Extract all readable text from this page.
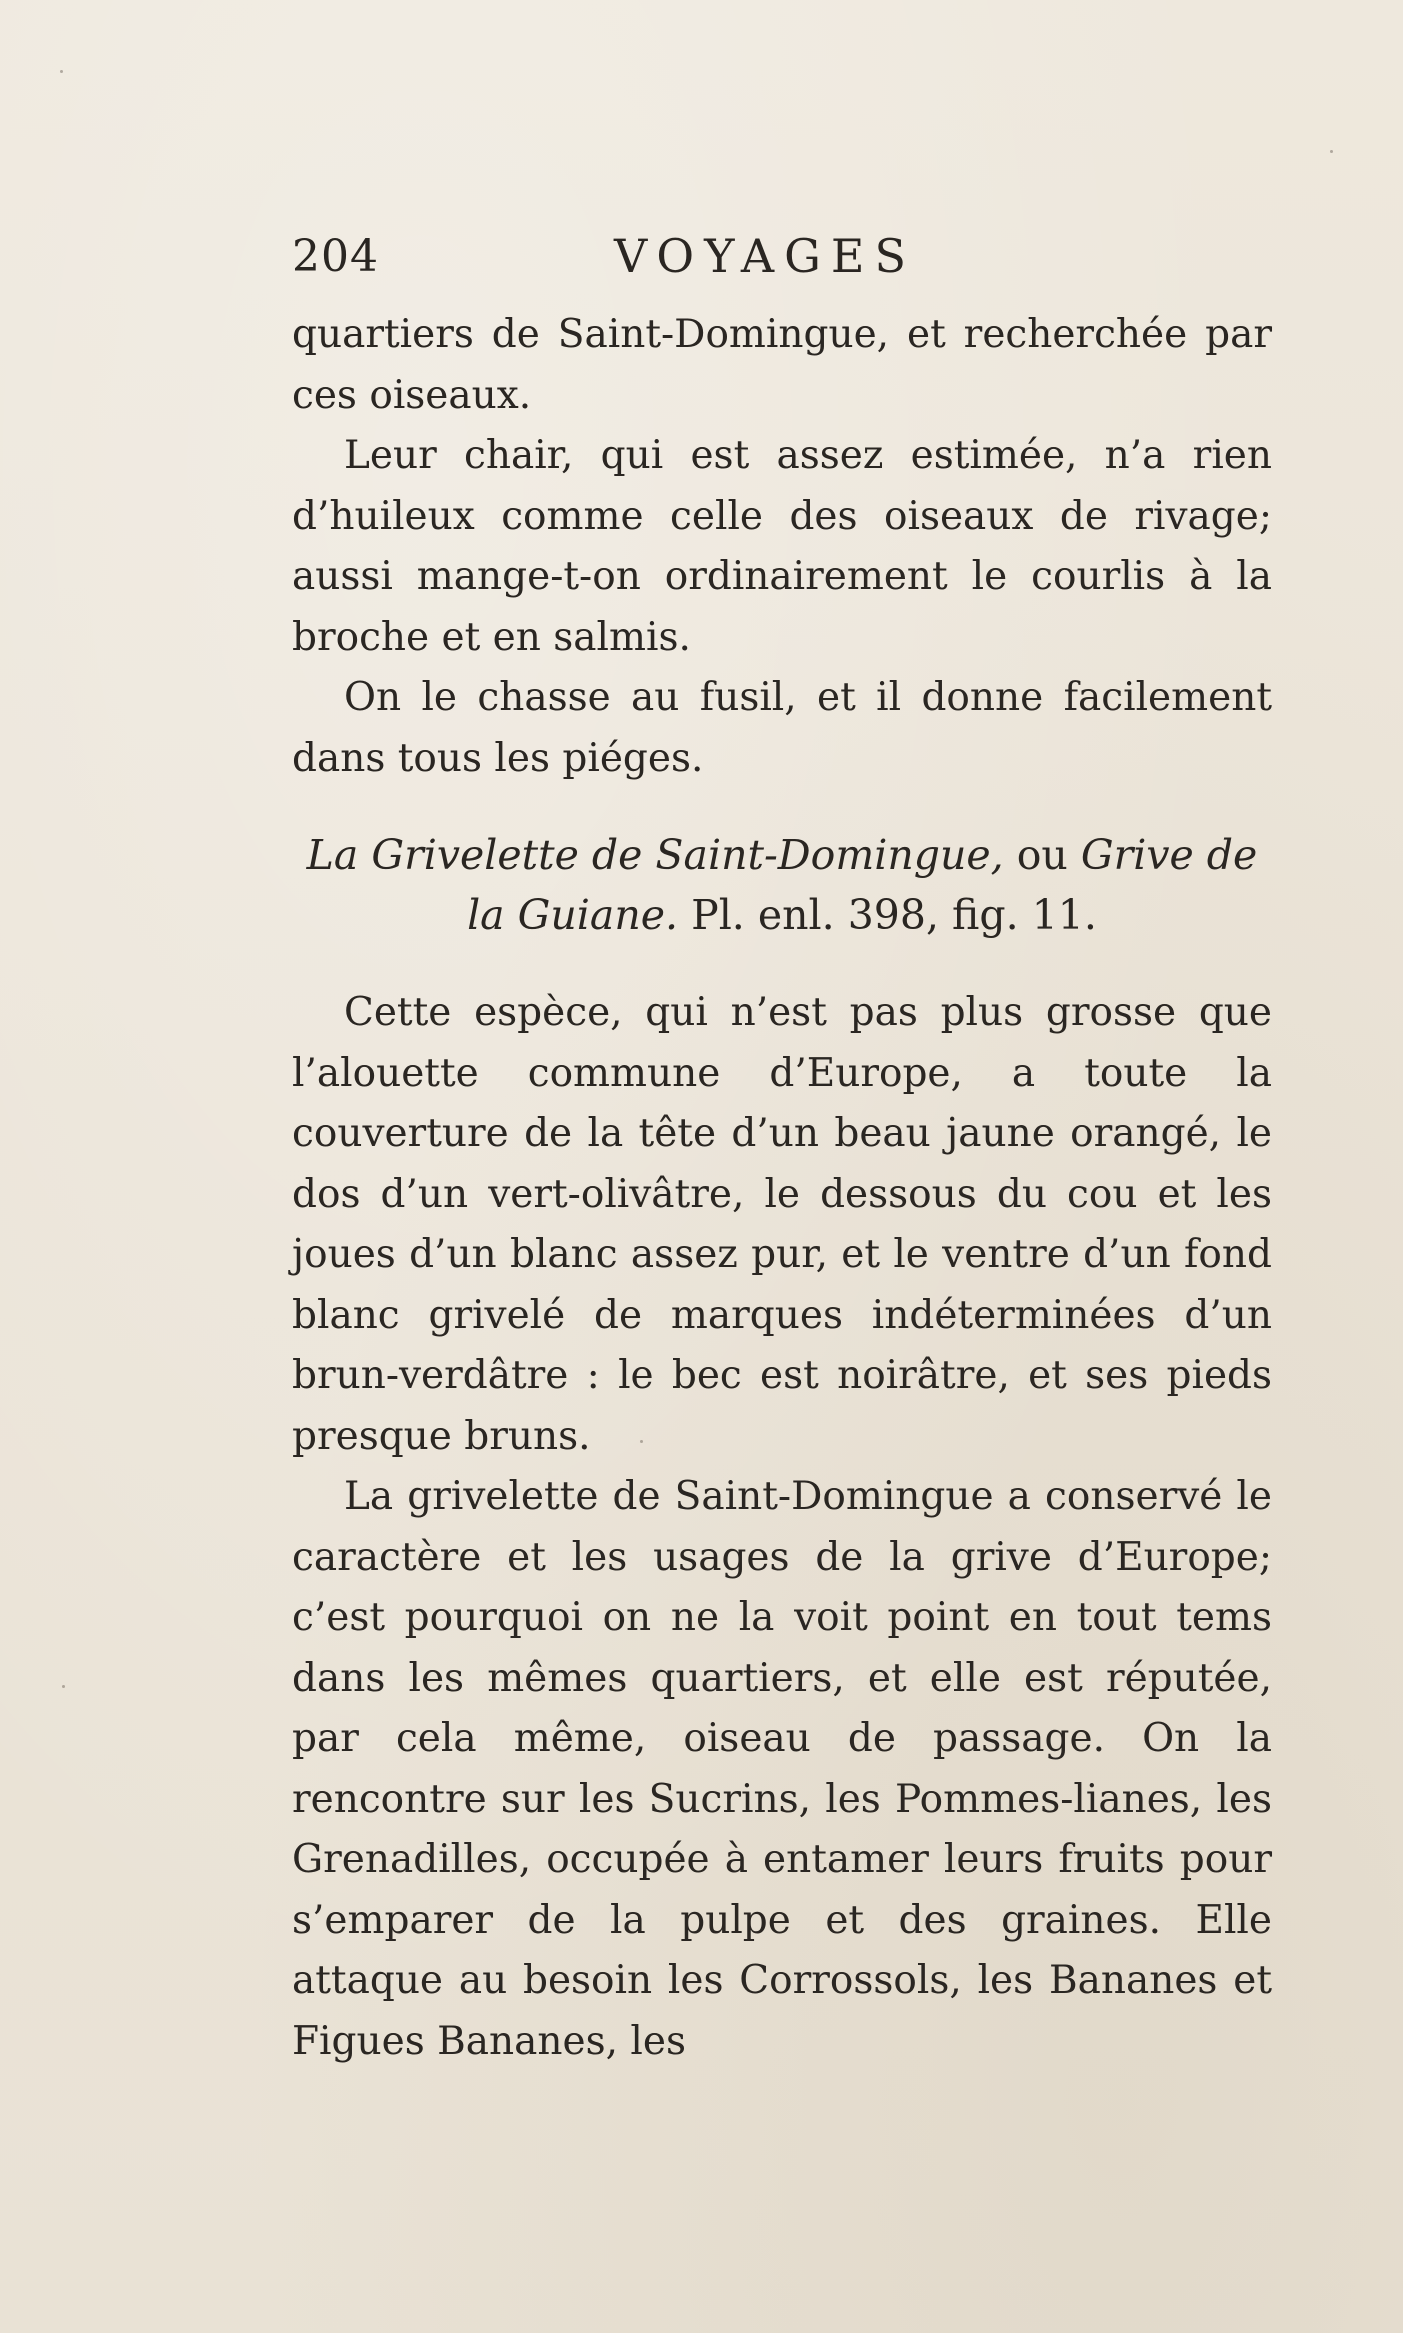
204	VOYAGES

quartiers de Saint-Domingue, et recherchée par ces oiseaux.

Leur chair, qui est assez estimée, n’a rien d’huileux comme celle des oiseaux de rivage; aussi mange-t-on ordinairement le courlis à la broche et en salmis.

On le chasse au fusil, et il donne facilement dans tous les piéges.

La Grivelette de Saint-Domingue, ou Grive de la Guiane. Pl. enl. 398, fig. 11.

Cette espèce, qui n’est pas plus grosse que l’alouette commune d’Europe, a toute la couverture de la tête d’un beau jaune orangé, le dos d’un vert-olivâtre, le dessous du cou et les joues d’un blanc assez pur, et le ventre d’un fond blanc grivelé de marques indéterminées d’un brun-verdâtre : le bec est noirâtre, et ses pieds presque bruns.

La grivelette de Saint-Domingue a conservé le caractère et les usages de la grive d’Europe; c’est pourquoi on ne la voit point en tout tems dans les mêmes quartiers, et elle est réputée, par cela même, oiseau de passage. On la rencontre sur les Sucrins, les Pommes-lianes, les Grenadilles, occupée à entamer leurs fruits pour s’emparer de la pulpe et des graines. Elle attaque au besoin les Corrossols, les Bananes et Figues Bananes, les
